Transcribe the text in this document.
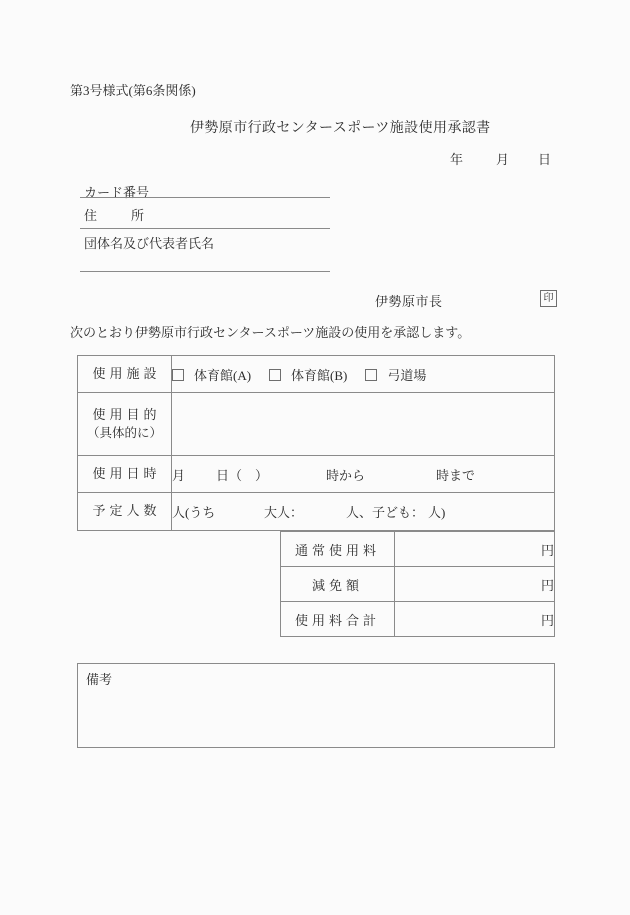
第3号様式(第6条関係)
伊勢原市行政センタースポーツ施設使用承認書
年	月 日
カード番号
住	所
団体名及び代表者氏名
伊勢原市長	印
次のとおり伊勢原市行政センタースポーツ施設の使用を承認します。
使用施設	体育館(A) 体育館(B) 弓道場

使用目的
（具体的に）	

使用日時	月 日（　） 時から 時まで
予定人数	人(うち 大人： 人、子ども： 人)
通常使用料	円
減免額	円
使用料合計	円
備考
